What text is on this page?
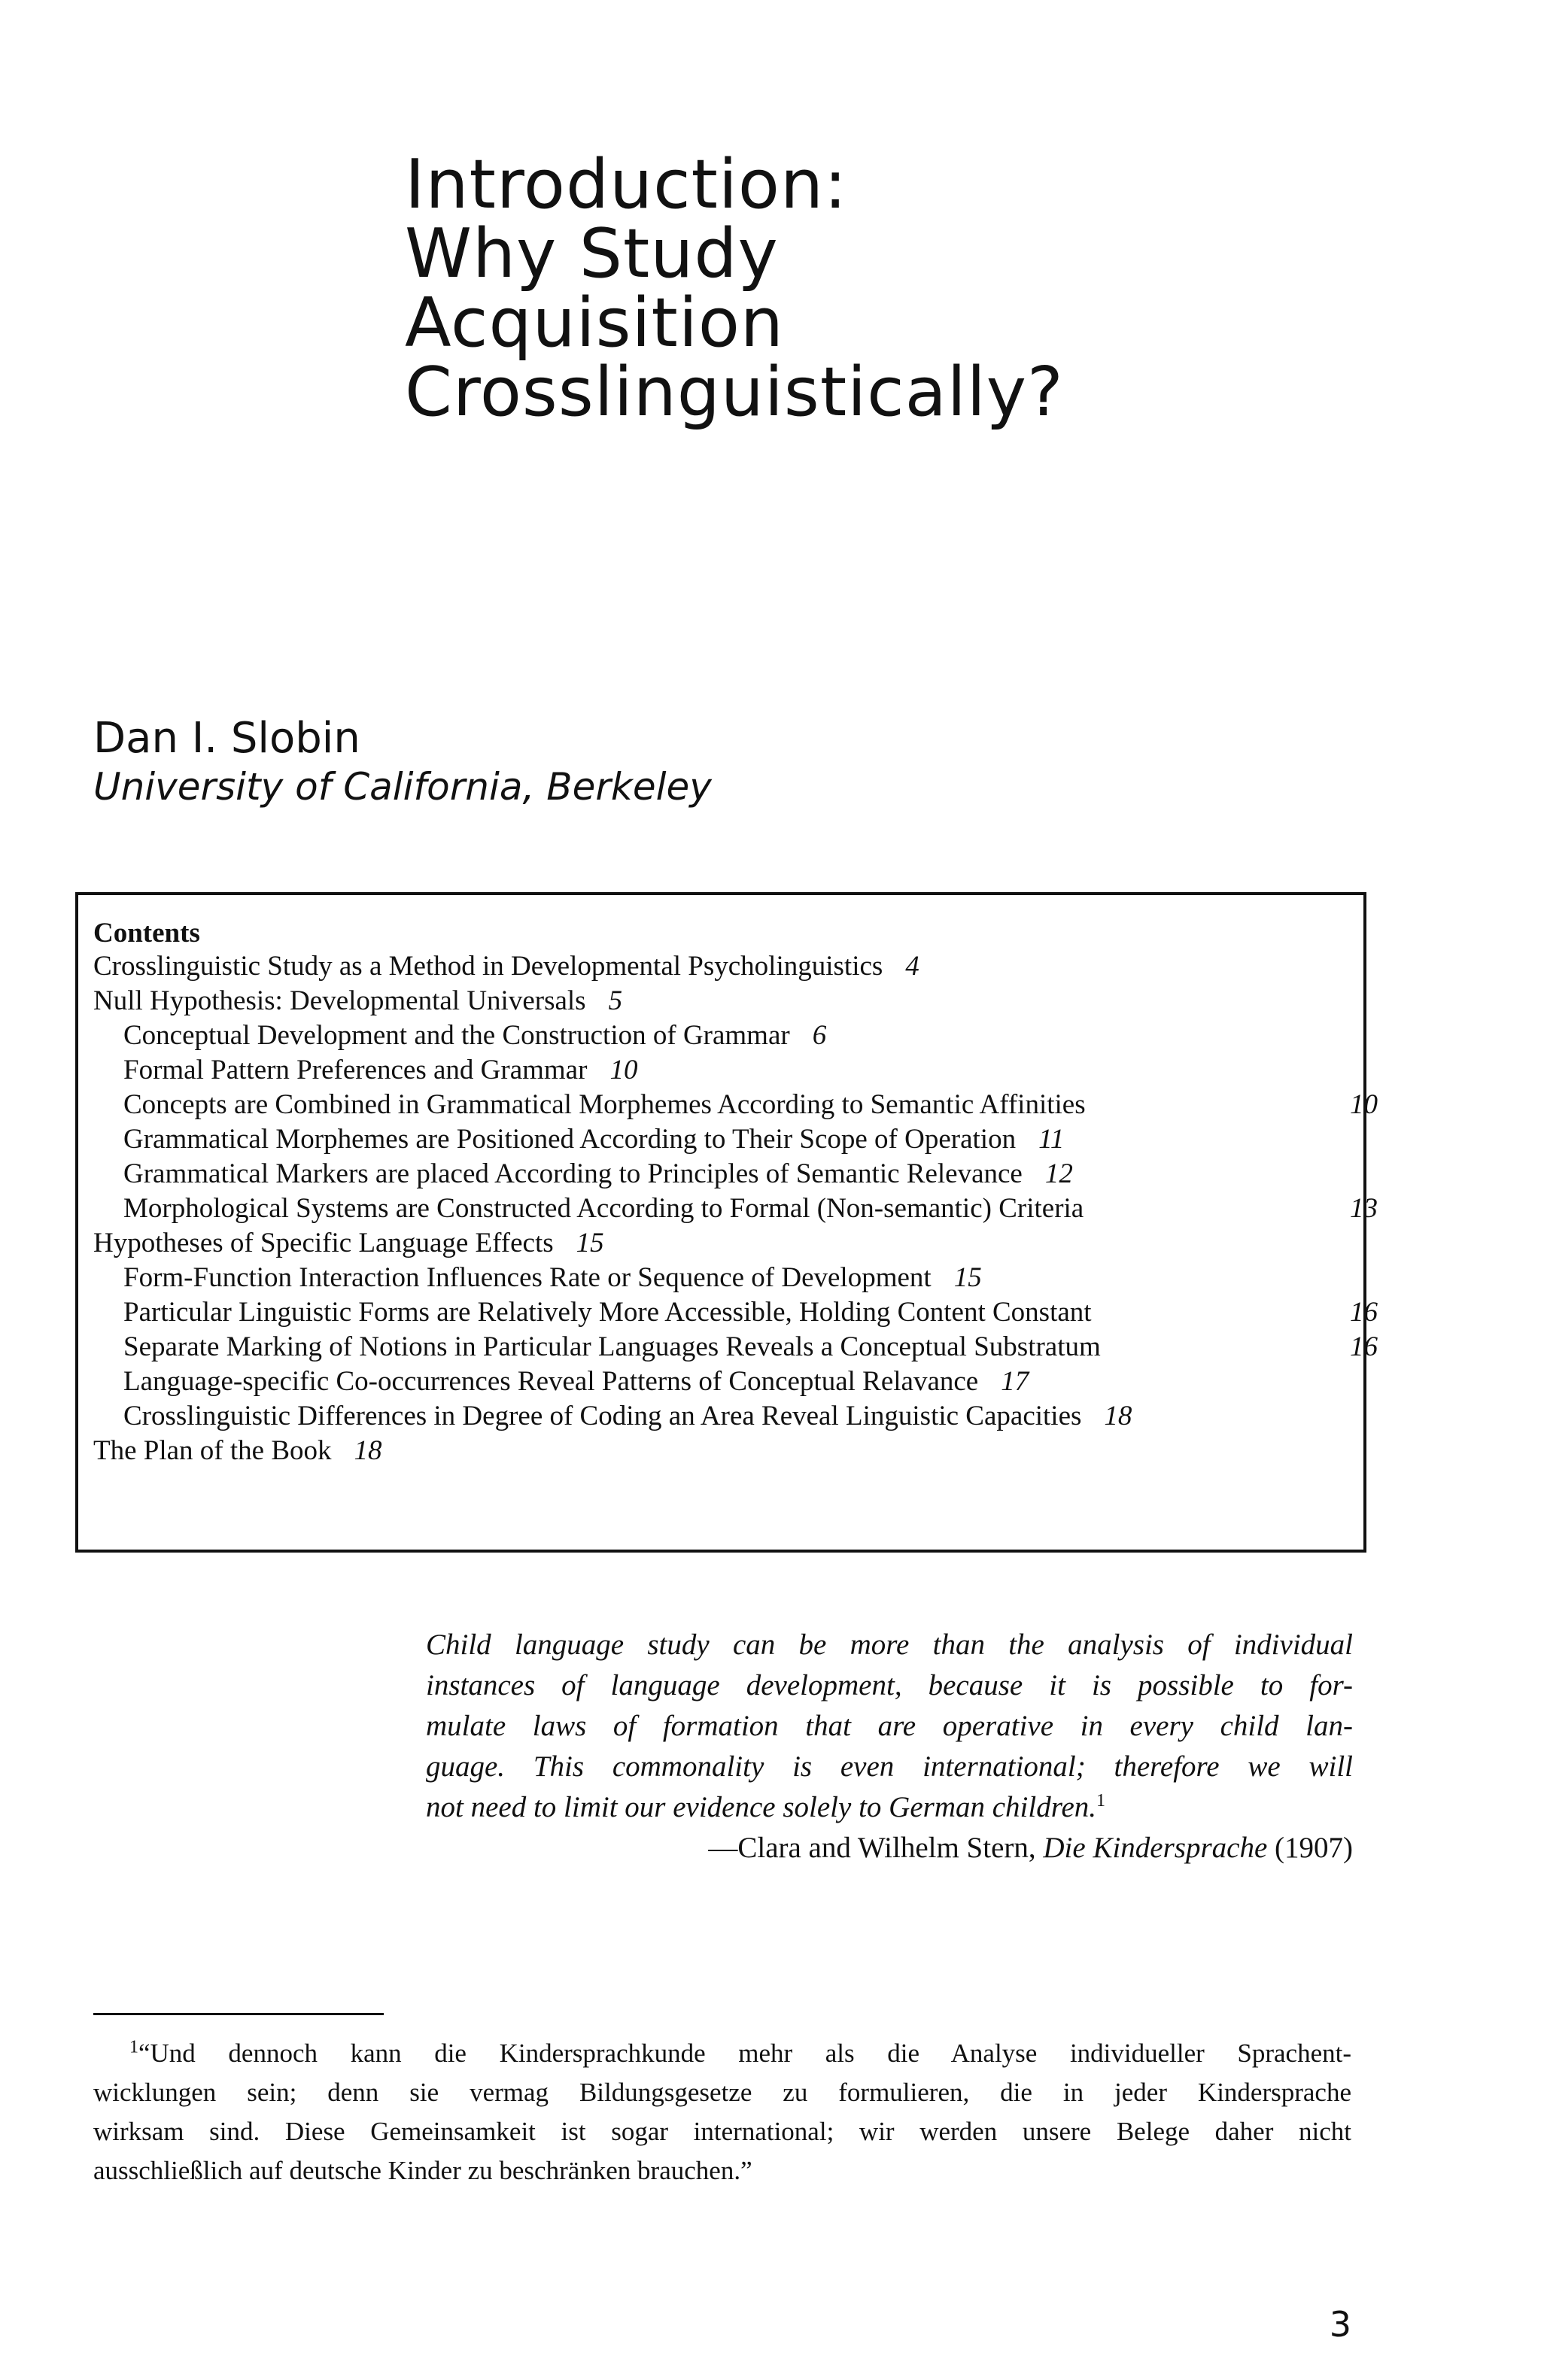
Introduction:
Why Study
Acquisition
Crosslinguistically?
Dan I. Slobin
University of California, Berkeley
Contents
Crosslinguistic Study as a Method in Developmental Psycholinguistics 4
Null Hypothesis: Developmental Universals 5
Conceptual Development and the Construction of Grammar 6
Formal Pattern Preferences and Grammar 10
Concepts are Combined in Grammatical Morphemes According to Semantic Affinities	10
Grammatical Morphemes are Positioned According to Their Scope of Operation 11
Grammatical Markers are placed According to Principles of Semantic Relevance 12
Morphological Systems are Constructed According to Formal (Non-semantic) Criteria	13
Hypotheses of Specific Language Effects 15
Form-Function Interaction Influences Rate or Sequence of Development 15
Particular Linguistic Forms are Relatively More Accessible, Holding Content Constant	16
Separate Marking of Notions in Particular Languages Reveals a Conceptual Substratum	16
Language-specific Co-occurrences Reveal Patterns of Conceptual Relavance 17
Crosslinguistic Differences in Degree of Coding an Area Reveal Linguistic Capacities 18
The Plan of the Book 18
Child language study can be more than the analysis of individual
instances of language development, because it is possible to for-
mulate laws of formation that are operative in every child lan-
guage. This commonality is even international; therefore we will
not need to limit our evidence solely to German children.$^1$
—Clara and Wilhelm Stern, Die Kindersprache (1907)
$^1$“Und dennoch kann die Kindersprachkunde mehr als die Analyse individueller Sprachent-
wicklungen sein; denn sie vermag Bildungsgesetze zu formulieren, die in jeder Kindersprache
wirksam sind. Diese Gemeinsamkeit ist sogar international; wir werden unsere Belege daher nicht
ausschließlich auf deutsche Kinder zu beschränken brauchen.”
3
